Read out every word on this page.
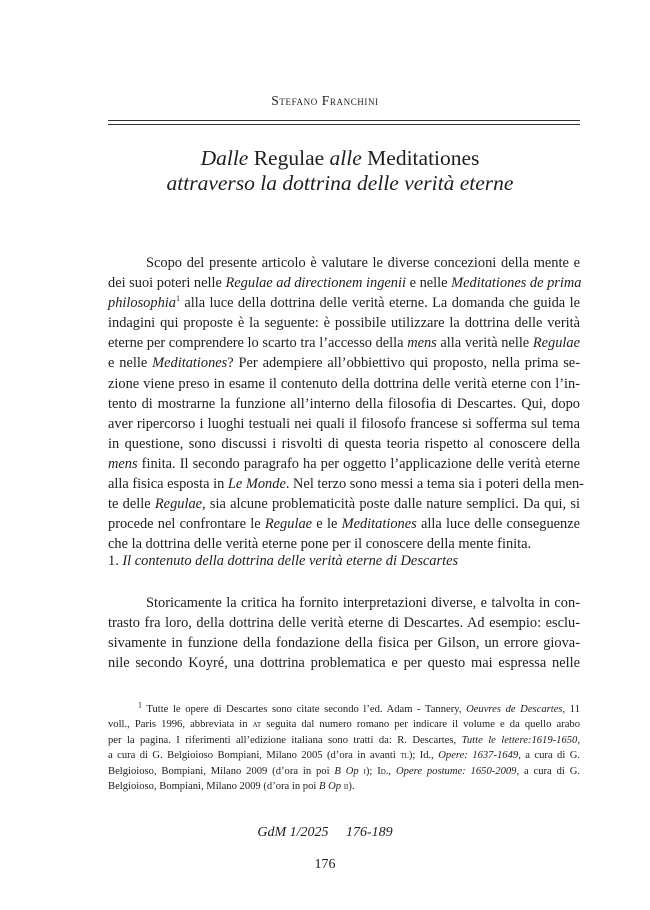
Stefano Franchini
Dalle Regulae alle Meditationes
attraverso la dottrina delle verità eterne
Scopo del presente articolo è valutare le diverse concezioni della mente e
dei suoi poteri nelle Regulae ad directionem ingenii e nelle Meditationes de prima
philosophia$^1$ alla luce della dottrina delle verità eterne. La domanda che guida le
indagini qui proposte è la seguente: è possibile utilizzare la dottrina delle verità
eterne per comprendere lo scarto tra l’accesso della mens alla verità nelle Regulae
e nelle Meditationes? Per adempiere all’obbiettivo qui proposto, nella prima se-
zione viene preso in esame il contenuto della dottrina delle verità eterne con l’in-
tento di mostrarne la funzione all’interno della filosofia di Descartes. Qui, dopo
aver ripercorso i luoghi testuali nei quali il filosofo francese si sofferma sul tema
in questione, sono discussi i risvolti di questa teoria rispetto al conoscere della
mens finita. Il secondo paragrafo ha per oggetto l’applicazione delle verità eterne
alla fisica esposta in Le Monde. Nel terzo sono messi a tema sia i poteri della men-
te delle Regulae, sia alcune problematicità poste dalle nature semplici. Da qui, si
procede nel confrontare le Regulae e le Meditationes alla luce delle conseguenze
che la dottrina delle verità eterne pone per il conoscere della mente finita.
1. Il contenuto della dottrina delle verità eterne di Descartes
Storicamente la critica ha fornito interpretazioni diverse, e talvolta in con-
trasto fra loro, della dottrina delle verità eterne di Descartes. Ad esempio: esclu-
sivamente in funzione della fondazione della fisica per Gilson, un errore giova-
nile secondo Koyré, una dottrina problematica e per questo mai espressa nelle
$^1$ Tutte le opere di Descartes sono citate secondo l’ed. Adam - Tannery, Oeuvres de Descartes, 11
voll., Paris 1996, abbreviata in at seguita dal numero romano per indicare il volume e da quello arabo
per la pagina. I riferimenti all’edizione italiana sono tratti da: R. Descartes, Tutte le lettere:1619-1650,
a cura di G. Belgioioso Bompiani, Milano 2005 (d’ora in avanti tl); Id., Opere: 1637-1649, a cura di G.
Belgioioso, Bompiani, Milano 2009 (d’ora in poi B Op i); Id., Opere postume: 1650-2009, a cura di G.
Belgioioso, Bompiani, Milano 2009 (d’ora in poi B Op ii).
GdM 1/2025     176-189
176
